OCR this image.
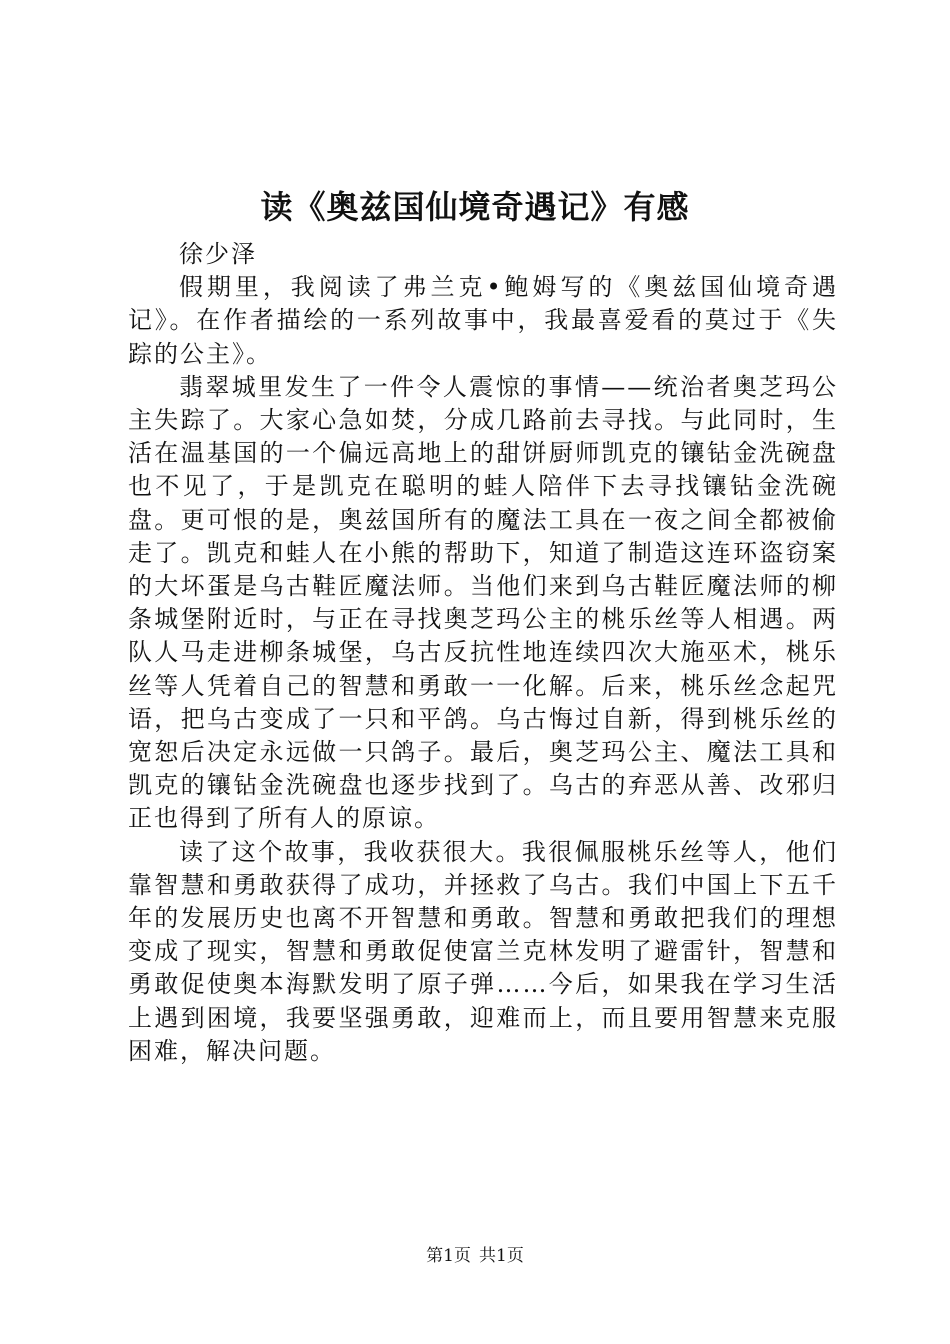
读《奥兹国仙境奇遇记》有感

徐少泽

假期里，我阅读了弗兰克•鲍姆写的《奥兹国仙境奇遇记》。在作者描绘的一系列故事中，我最喜爱看的莫过于《失踪的公主》。

翡翠城里发生了一件令人震惊的事情——统治者奥芝玛公主失踪了。大家心急如焚，分成几路前去寻找。与此同时，生活在温基国的一个偏远高地上的甜饼厨师凯克的镶钻金洗碗盘也不见了，于是凯克在聪明的蛙人陪伴下去寻找镶钻金洗碗盘。更可恨的是，奥兹国所有的魔法工具在一夜之间全都被偷走了。凯克和蛙人在小熊的帮助下，知道了制造这连环盗窃案的大坏蛋是乌古鞋匠魔法师。当他们来到乌古鞋匠魔法师的柳条城堡附近时，与正在寻找奥芝玛公主的桃乐丝等人相遇。两队人马走进柳条城堡，乌古反抗性地连续四次大施巫术，桃乐丝等人凭着自己的智慧和勇敢一一化解。后来，桃乐丝念起咒语，把乌古变成了一只和平鸽。乌古悔过自新，得到桃乐丝的宽恕后决定永远做一只鸽子。最后，奥芝玛公主、魔法工具和凯克的镶钻金洗碗盘也逐步找到了。乌古的弃恶从善、改邪归正也得到了所有人的原谅。

读了这个故事，我收获很大。我很佩服桃乐丝等人，他们靠智慧和勇敢获得了成功，并拯救了乌古。我们中国上下五千年的发展历史也离不开智慧和勇敢。智慧和勇敢把我们的理想变成了现实，智慧和勇敢促使富兰克林发明了避雷针，智慧和勇敢促使奥本海默发明了原子弹……今后，如果我在学习生活上遇到困境，我要坚强勇敢，迎难而上，而且要用智慧来克服困难，解决问题。

第1页 共1页
